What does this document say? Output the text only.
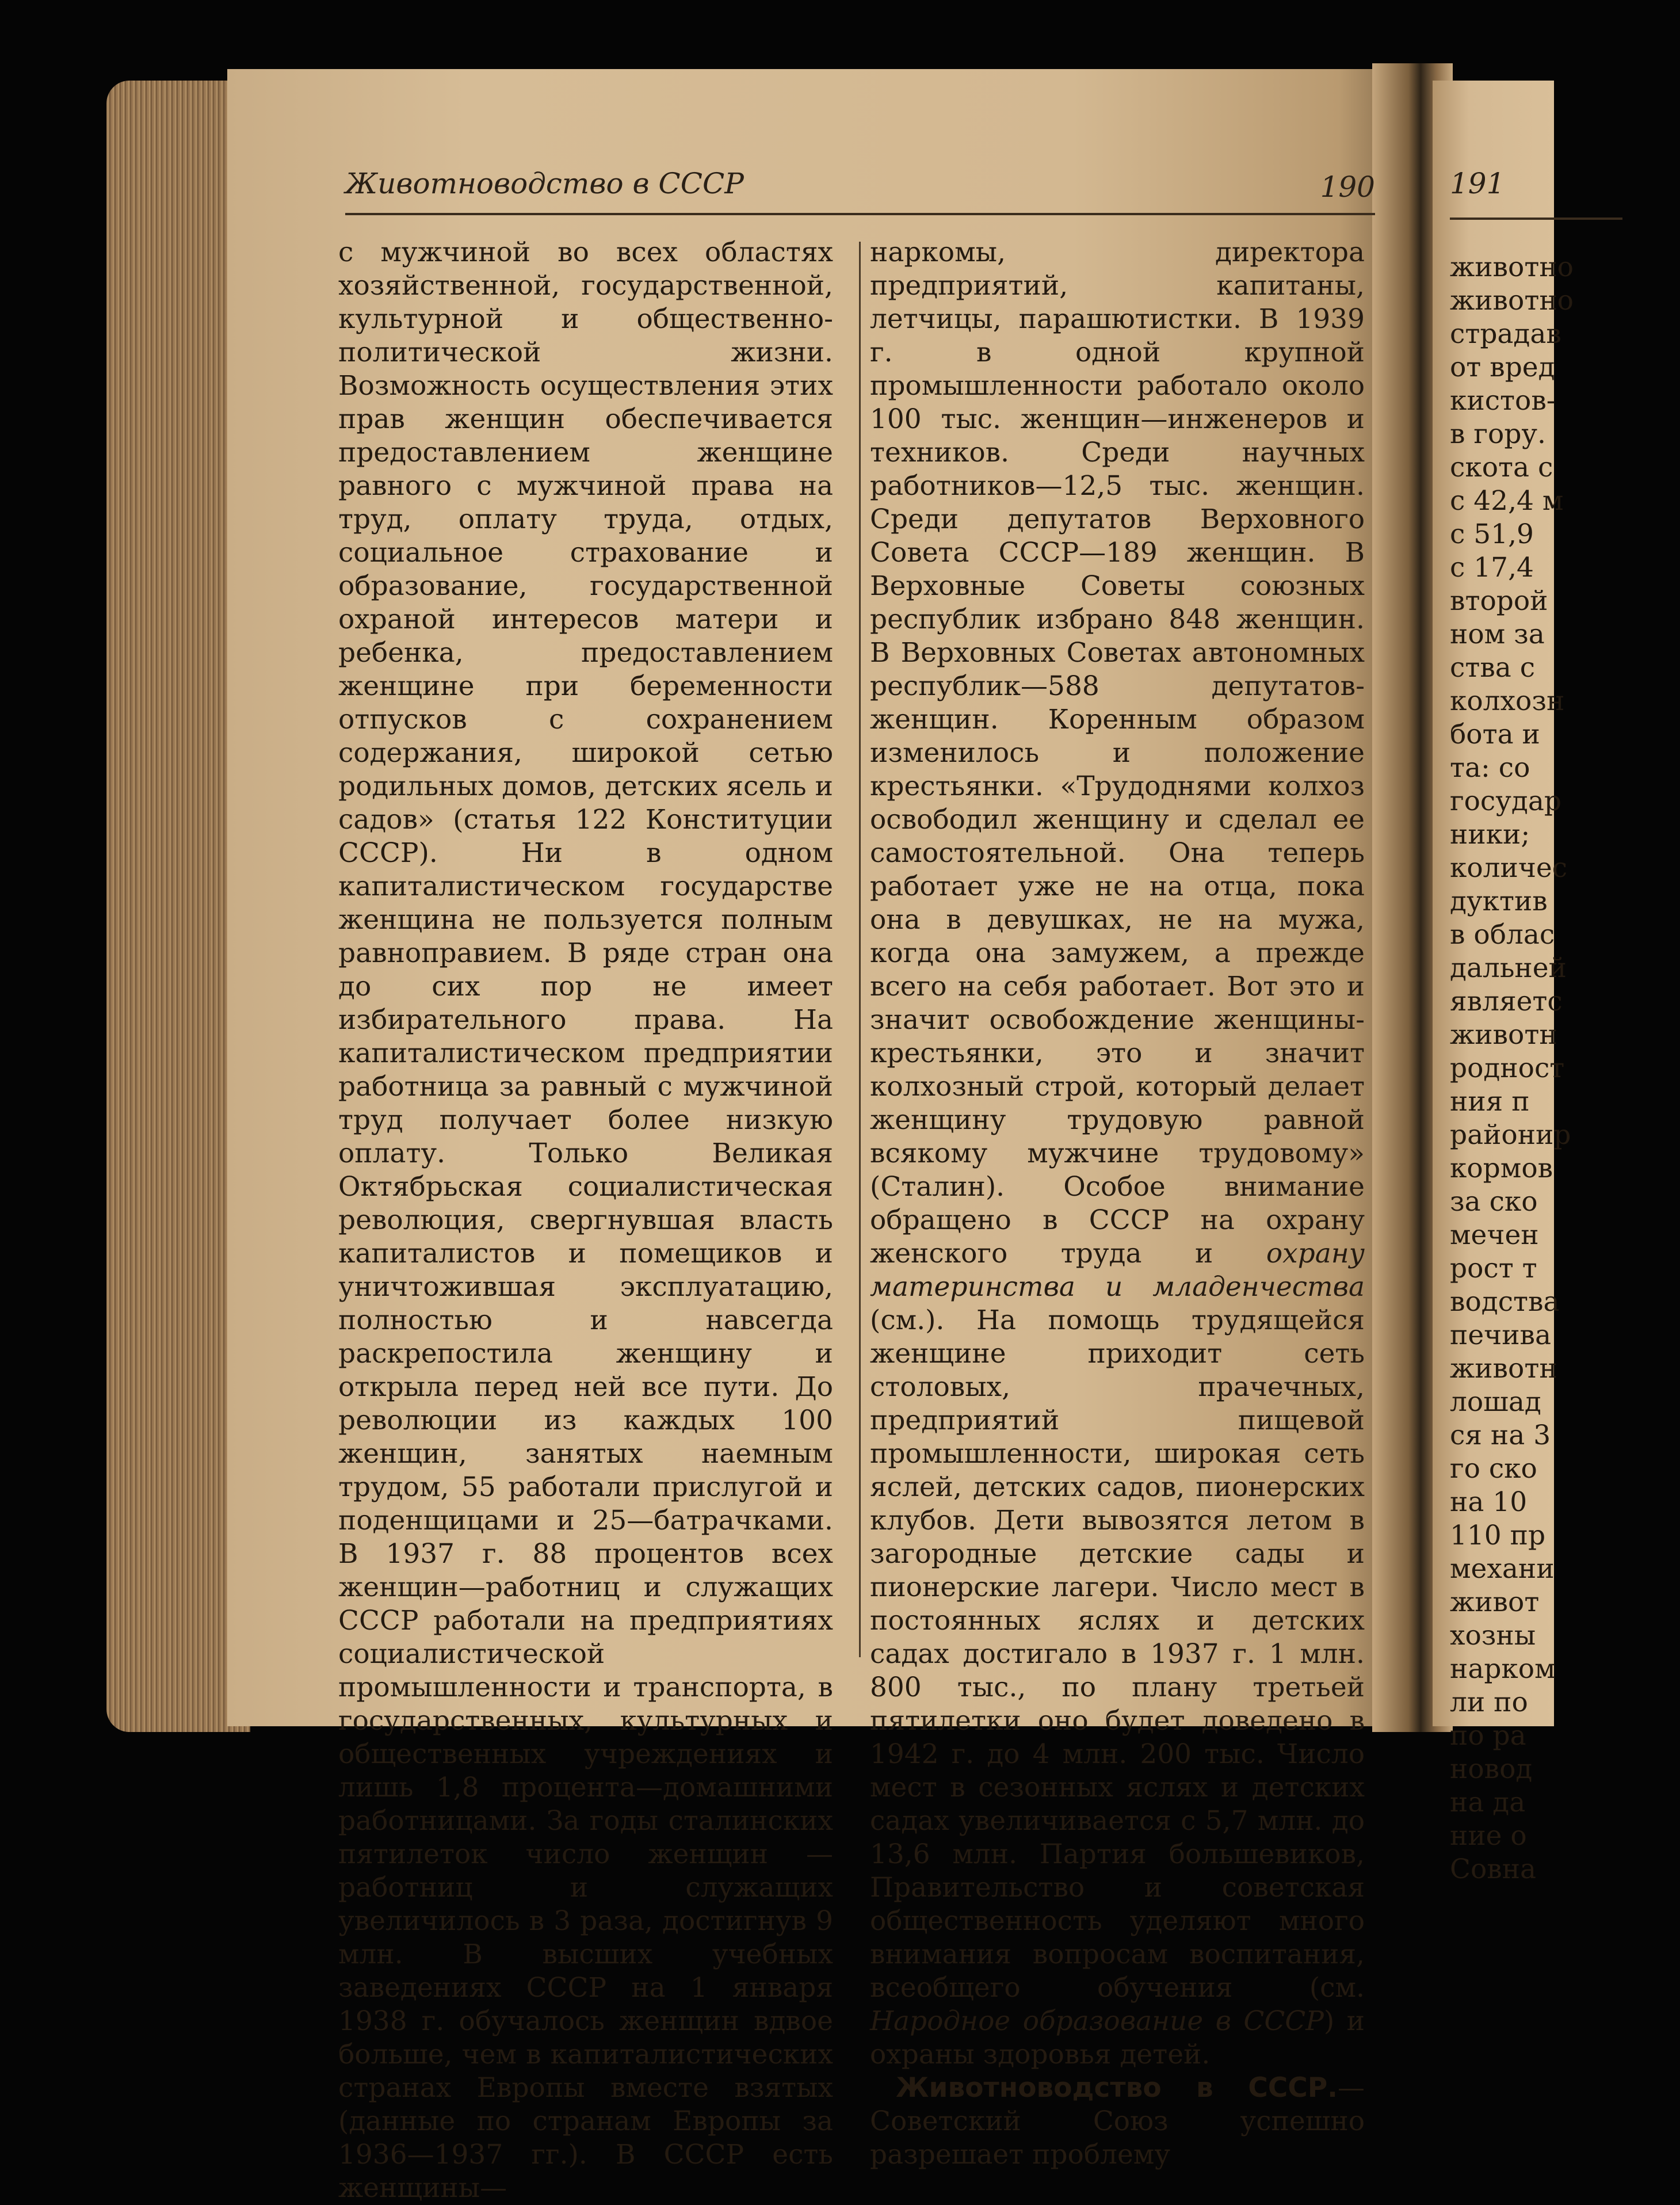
Животноводство в СССР	190

с мужчиной во всех областях хозяйственной, государственной, культурной и общественно-политической жизни. Возможность осуществления этих прав женщин обеспечивается предоставлением женщине равного с мужчиной права на труд, оплату труда, отдых, социальное страхование и образование, государственной охраной интересов матери и ребенка, предоставлением женщине при беременности отпусков с сохранением содержания, широкой сетью родильных домов, детских ясель и садов» (статья 122 Конституции СССР). Ни в одном капиталистическом государстве женщина не пользуется полным равноправием. В ряде стран она до сих пор не имеет избирательного права. На капиталистическом предприятии работница за равный с мужчиной труд получает более низкую оплату. Только Великая Октябрьская социалистическая революция, свергнувшая власть капиталистов и помещиков и уничтожившая эксплуатацию, полностью и навсегда раскрепостила женщину и открыла перед ней все пути. До революции из каждых 100 женщин, занятых наемным трудом, 55 работали прислугой и поденщицами и 25—батрачками. В 1937 г. 88 процентов всех женщин—работниц и служащих СССР работали на предприятиях социалистической промышленности и транспорта, в государственных, культурных и общественных учреждениях и лишь 1,8 процента—домашними работницами. За годы сталинских пятилеток число женщин — работниц и служащих увеличилось в 3 раза, достигнув 9 млн. В высших учебных заведениях СССР на 1 января 1938 г. обучалось женщин вдвое больше, чем в капиталистических странах Европы вместе взятых (данные по странам Европы за 1936—1937 гг.). В СССР есть женщины—

наркомы, директора предприятий, капитаны, летчицы, парашютистки. В 1939 г. в одной крупной промышленности работало около 100 тыс. женщин—инженеров и техников. Среди научных работников—12,5 тыс. женщин. Среди депутатов Верховного Совета СССР—189 женщин. В Верховные Советы союзных республик избрано 848 женщин. В Верховных Советах автономных республик—588 депутатов-женщин. Коренным образом изменилось и положение крестьянки. «Трудоднями колхоз освободил женщину и сделал ее самостоятельной. Она теперь работает уже не на отца, пока она в девушках, не на мужа, когда она замужем, а прежде всего на себя работает. Вот это и значит освобождение женщины-крестьянки, это и значит колхозный строй, который делает женщину трудовую равной всякому мужчине трудовому» (Сталин). Особое внимание обращено в СССР на охрану женского труда и охрану материнства и младенчества (см.). На помощь трудящейся женщине приходит сеть столовых, прачечных, предприятий пищевой промышленности, широкая сеть яслей, детских садов, пионерских клубов. Дети вывозятся летом в загородные детские сады и пионерские лагери. Число мест в постоянных яслях и детских садах достигало в 1937 г. 1 млн. 800 тыс., по плану третьей пятилетки оно будет доведено в 1942 г. до 4 млн. 200 тыс. Число мест в сезонных яслях и детских садах увеличивается с 5,7 млн. до 13,6 млн. Партия большевиков, Правительство и советская общественность уделяют много внимания вопросам воспитания, всеобщего обучения (см. Народное образование в СССР) и охраны здоровья детей.

Животноводство в СССР.—Советский Союз успешно разрешает проблему

191
животно
животно
страдав
от вред
кистов-
в гору.
скота с
с 42,4 м
с 51,9
с 17,4
второй
ном за
ства с
колхозн
бота и
та: со
государ
ники;
количес
дуктив
в облас
дальней
являетс
животн
родност
ния п
районир
кормов
за ско
мечен
рост т
водства
печива
животн
лошад
ся на 3
го ско
на 10
110 пр
механи
живот
хозны
нарком
ли по
по ра
новод
на да
ние о
Совна
